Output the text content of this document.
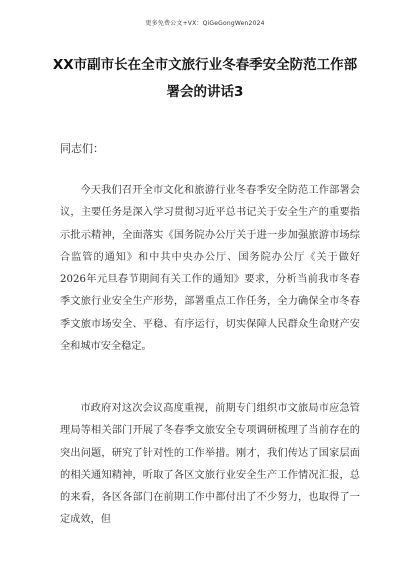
更多免费公文+VX：QiGeGongWen2024
XX市副市长在全市文旅行业冬春季安全防范工作部
署会的讲话3
同志们：

今天我们召开全市文化和旅游行业冬春季安全防范工作部署会议，主要任务是深入学习贯彻习近平总书记关于安全生产的重要指示批示精神，全面落实《国务院办公厅关于进一步加强旅游市场综合监管的通知》和中共中央办公厅、国务院办公厅《关于做好2026年元旦春节期间有关工作的通知》要求，分析当前我市冬春季文旅行业安全生产形势，部署重点工作任务，全力确保全市冬春季文旅市场安全、平稳、有序运行，切实保障人民群众生命财产安全和城市安全稳定。

市政府对这次会议高度重视，前期专门组织市文旅局市应急管理局等相关部门开展了冬春季文旅安全专项调研梳理了当前存在的突出问题，研究了针对性的工作举措。刚才，我们传达了国家层面的相关通知精神，听取了各区文旅行业安全生产工作情况汇报，总的来看，各区各部门在前期工作中都付出了不少努力，也取得了一定成效，但
